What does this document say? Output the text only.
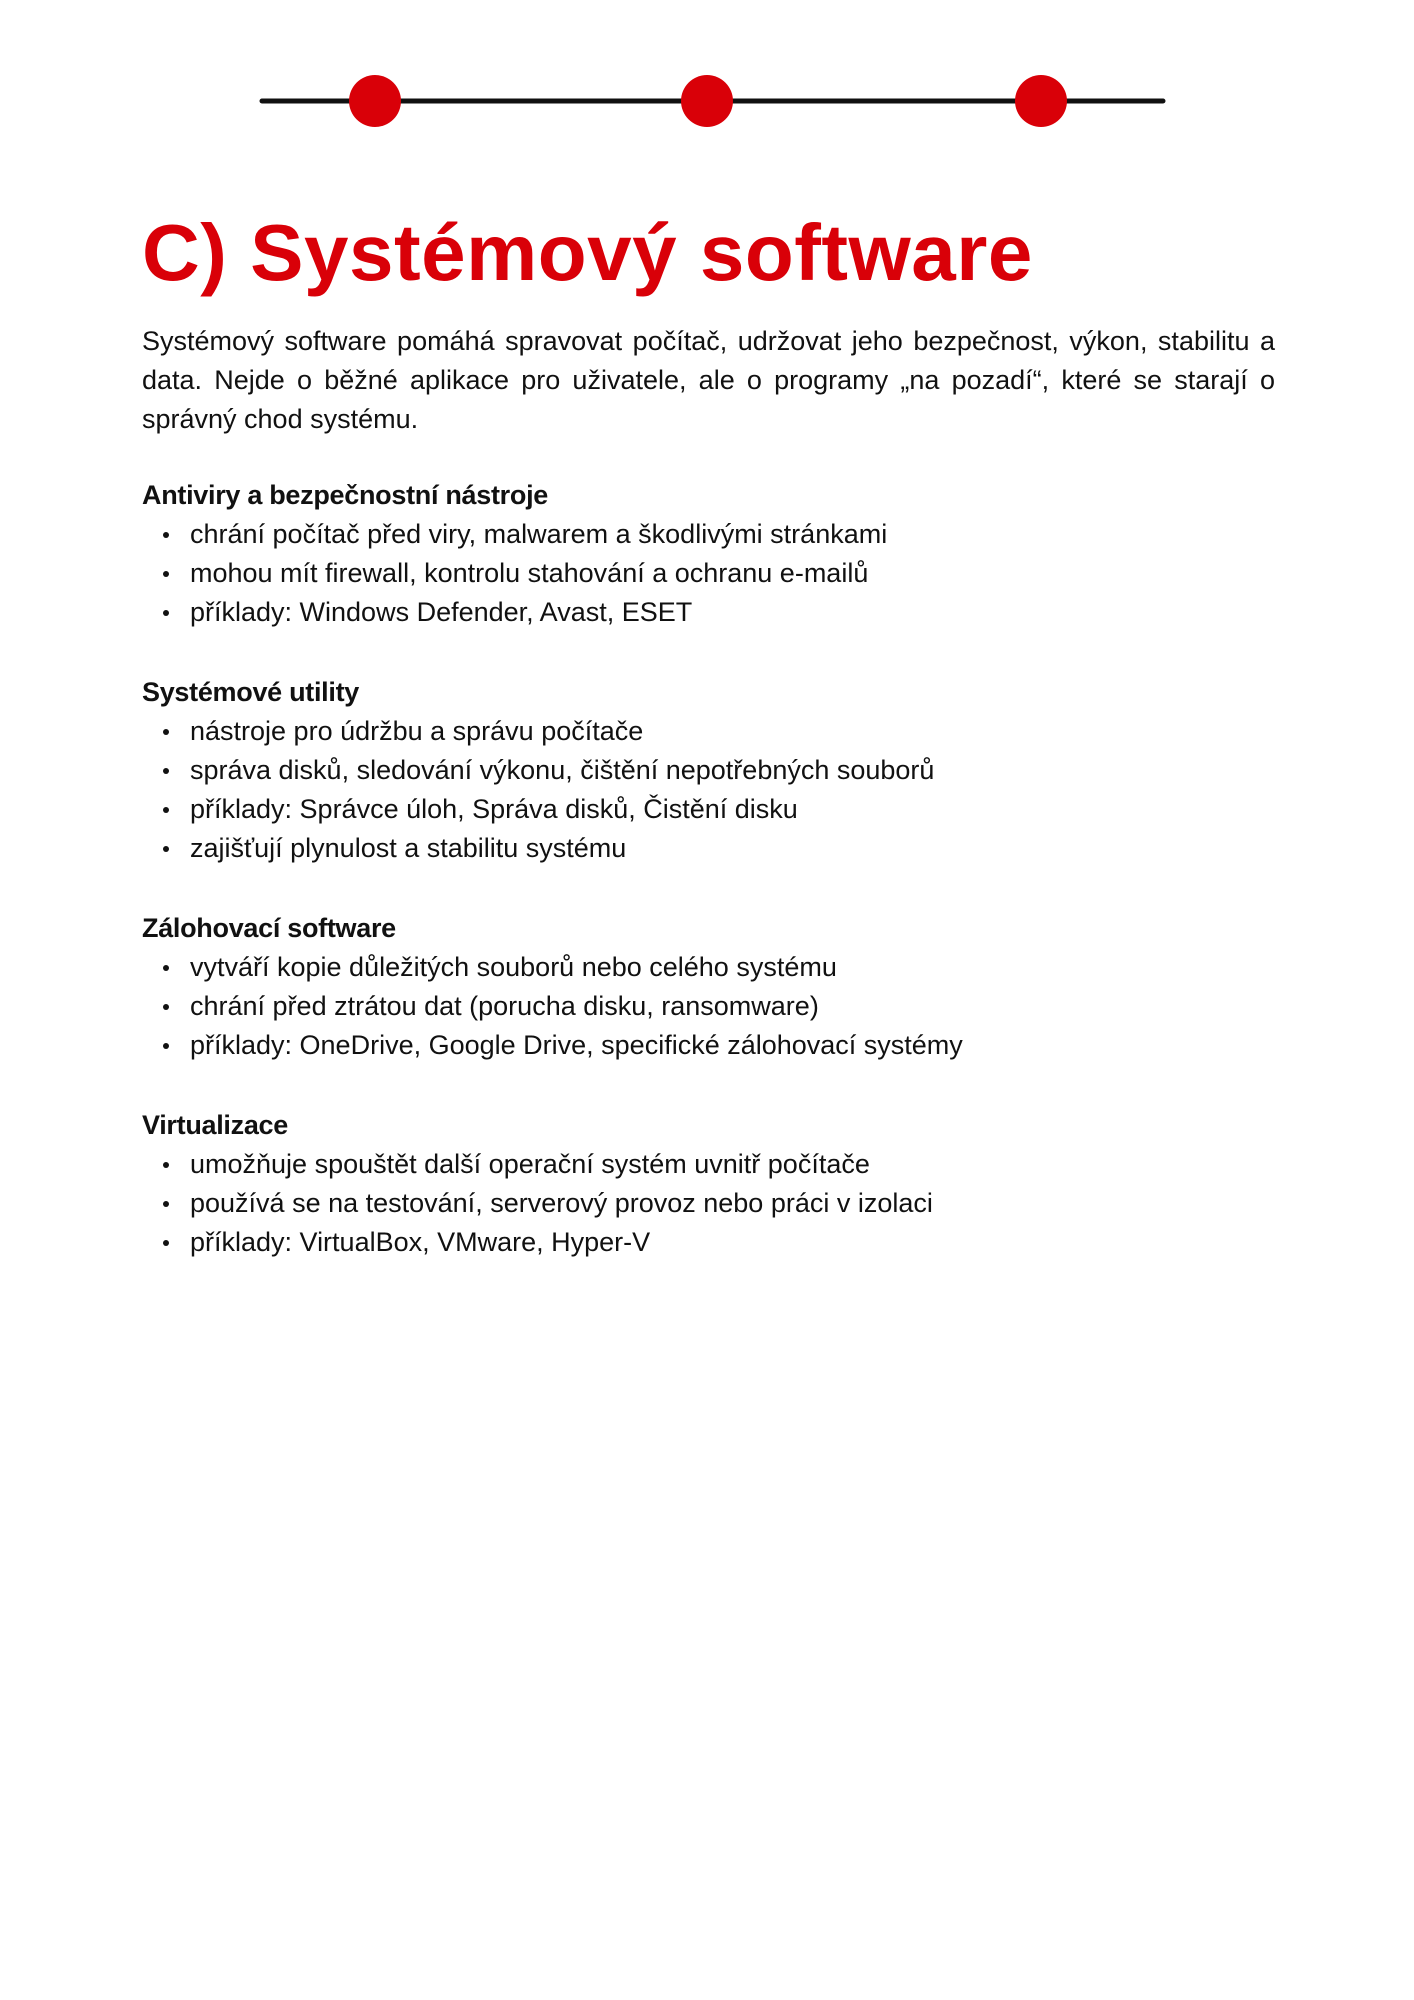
C) Systémový software

Systémový software pomáhá spravovat počítač, udržovat jeho bezpečnost, výkon, stabilitu a data. Nejde o běžné aplikace pro uživatele, ale o programy „na pozadí“, které se starají o správný chod systému.

Antiviry a bezpečnostní nástroje
chrání počítač před viry, malwarem a škodlivými stránkami
mohou mít firewall, kontrolu stahování a ochranu e-mailů
příklady: Windows Defender, Avast, ESET
Systémové utility
nástroje pro údržbu a správu počítače
správa disků, sledování výkonu, čištění nepotřebných souborů
příklady: Správce úloh, Správa disků, Čistění disku
zajišťují plynulost a stabilitu systému
Zálohovací software
vytváří kopie důležitých souborů nebo celého systému
chrání před ztrátou dat (porucha disku, ransomware)
příklady: OneDrive, Google Drive, specifické zálohovací systémy
Virtualizace
umožňuje spouštět další operační systém uvnitř počítače
používá se na testování, serverový provoz nebo práci v izolaci
příklady: VirtualBox, VMware, Hyper-V
